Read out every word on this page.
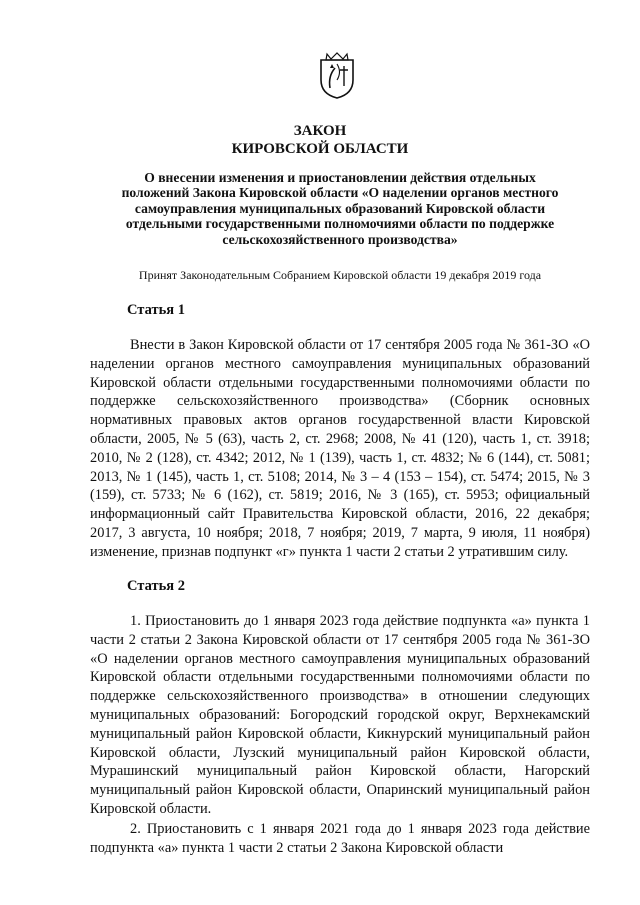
ЗАКОН
КИРОВСКОЙ ОБЛАСТИ
О внесении изменения и приостановлении действия отдельных положений Закона Кировской области «О наделении органов местного самоуправления муниципальных образований Кировской области отдельными государственными полномочиями области по поддержке сельскохозяйственного производства»
Принят Законодательным Собранием Кировской области 19 декабря 2019 года
Статья 1

Внести в Закон Кировской области от 17 сентября 2005 года № 361-ЗО «О наделении органов местного самоуправления муниципальных образований Кировской области отдельными государственными полномочиями области по поддержке сельскохозяйственного производства» (Сборник основных нормативных правовых актов органов государственной власти Кировской области, 2005, № 5 (63), часть 2, ст. 2968; 2008, № 41 (120), часть 1, ст. 3918; 2010, № 2 (128), ст. 4342; 2012, № 1 (139), часть 1, ст. 4832; № 6 (144), ст. 5081; 2013, № 1 (145), часть 1, ст. 5108; 2014, № 3 – 4 (153 – 154), ст. 5474; 2015, № 3 (159), ст. 5733; № 6 (162), ст. 5819; 2016, № 3 (165), ст. 5953; официальный информационный сайт Правительства Кировской области, 2016, 22 декабря; 2017, 3 августа, 10 ноября; 2018, 7 ноября; 2019, 7 марта, 9 июля, 11 ноября) изменение, признав подпункт «г» пункта 1 части 2 статьи 2 утратившим силу.

Статья 2

1. Приостановить до 1 января 2023 года действие подпункта «а» пункта 1 части 2 статьи 2 Закона Кировской области от 17 сентября 2005 года № 361-ЗО «О наделении органов местного самоуправления муниципальных образований Кировской области отдельными государственными полномочиями области по поддержке сельскохозяйственного производства» в отношении следующих муниципальных образований: Богородский городской округ, Верхнекамский муниципальный район Кировской области, Кикнурский муниципальный район Кировской области, Лузский муниципальный район Кировской области, Мурашинский муниципальный район Кировской области, Нагорский муниципальный район Кировской области, Опаринский муниципальный район Кировской области.

2. Приостановить с 1 января 2021 года до 1 января 2023 года действие подпункта «а» пункта 1 части 2 статьи 2 Закона Кировской области
